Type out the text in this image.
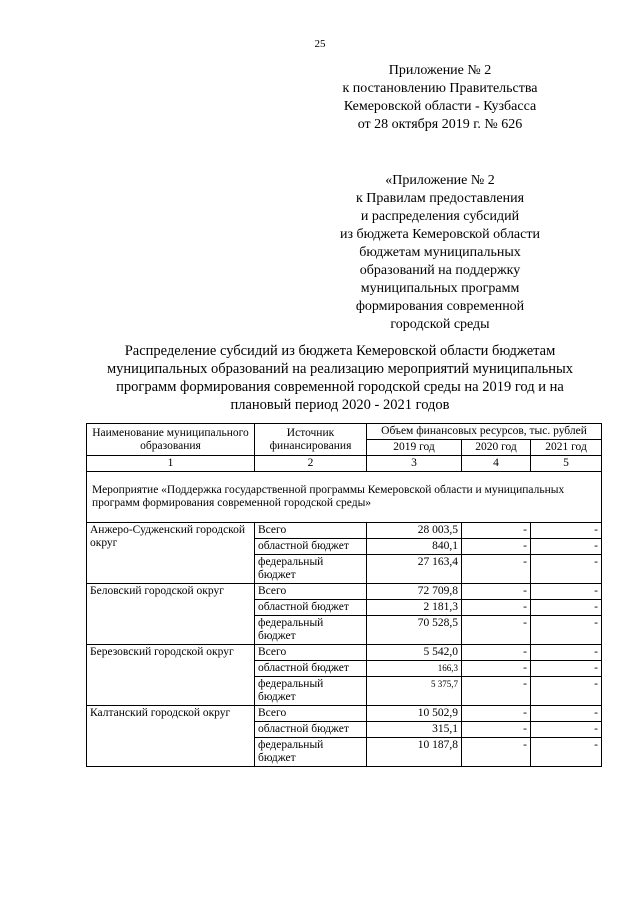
25
Приложение № 2
к постановлению Правительства
Кемеровской области - Кузбасса
от 28 октября 2019 г. № 626
«Приложение № 2
к Правилам предоставления
и распределения субсидий
из бюджета Кемеровской области
бюджетам муниципальных
образований на поддержку
муниципальных программ
формирования современной
городской среды
Распределение субсидий из бюджета Кемеровской области бюджетам
муниципальных образований на реализацию мероприятий муниципальных
программ формирования современной городской среды на 2019 год и на
плановый период 2020 - 2021 годов
Наименование муниципального образования	Источник финансирования	Объем финансовых ресурсов, тыс. рублей		
		2019 год	2020 год	2021 год
1	2	3	4	5
Мероприятие «Поддержка государственной программы Кемеровской области и муниципальных программ формирования современной городской среды»				
Анжеро-Судженский городской округ	Всего	28 003,5	-	-
	областной бюджет	840,1	-	-
	федеральный бюджет	27 163,4	-	-
Беловский городской округ	Всего	72 709,8	-	-
	областной бюджет	2 181,3	-	-
	федеральный бюджет	70 528,5	-	-
Березовский городской округ	Всего	5 542,0	-	-
	областной бюджет	166,3	-	-
	федеральный бюджет	5 375,7	-	-
Калтанский городской округ	Всего	10 502,9	-	-
	областной бюджет	315,1	-	-
	федеральный бюджет	10 187,8	-	-
